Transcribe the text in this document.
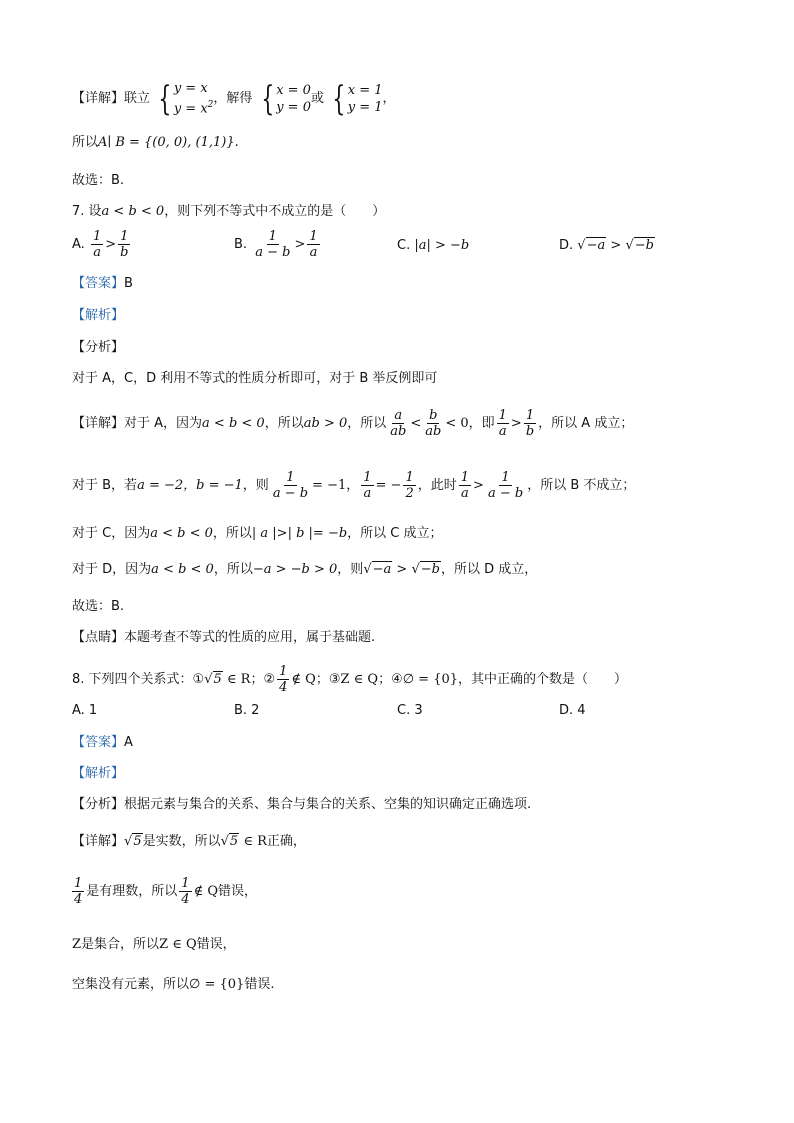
【详解】联立 { y = x
$y = x^2$ ，解得 { x = 0
y = 0
或 { x = 1
y = 1
，
所以A∣ B = {(0, 0), (1,1)}.
故选：B.
7. 设a < b < 0，则下列不等式中不成立的是（　　）
A. $\frac{1}{a} > \frac{1}{b}$	B. $\frac{1}{a - b} > \frac{1}{a}$	C. |a| > −b	D. √−a > √−b
【答案】B
【解析】
【分析】
对于 A，C，D 利用不等式的性质分析即可，对于 B 举反例即可
【详解】对于 A，因为a < b < 0，所以ab > 0，所以 $\frac{a}{ab} < \frac{b}{ab} < 0$，即 $\frac{1}{a} > \frac{1}{b}$ ，所以 A 成立；
对于 B，若a = −2，b = −1，则 $\frac{1}{a - b} = -1$， $\frac{1}{a}$ = − $\frac{1}{2}$ ，此时 $\frac{1}{a} > \frac{1}{a - b}$ ，所以 B 不成立；
对于 C，因为a < b < 0，所以| a |>| b |= −b，所以 C 成立；
对于 D，因为a < b < 0，所以−a > −b > 0，则√−a > √−b，所以 D 成立，
故选：B.
【点睛】本题考查不等式的性质的应用，属于基础题.
8. 下列四个关系式：①√5 ∈ R；② $\frac{1}{4}$ ∉ Q；③Z ∈ Q；④∅ = {0}，其中正确的个数是（　　）
A. 1	B. 2	C. 3	D. 4
【答案】A
【解析】
【分析】根据元素与集合的关系、集合与集合的关系、空集的知识确定正确选项.
【详解】√5是实数，所以√5 ∈ R正确，
$\frac{1}{4}$ 是有理数，所以 $\frac{1}{4}$ ∉ Q错误，
Z是集合，所以Z ∈ Q错误，
空集没有元素，所以∅ = {0}错误.
